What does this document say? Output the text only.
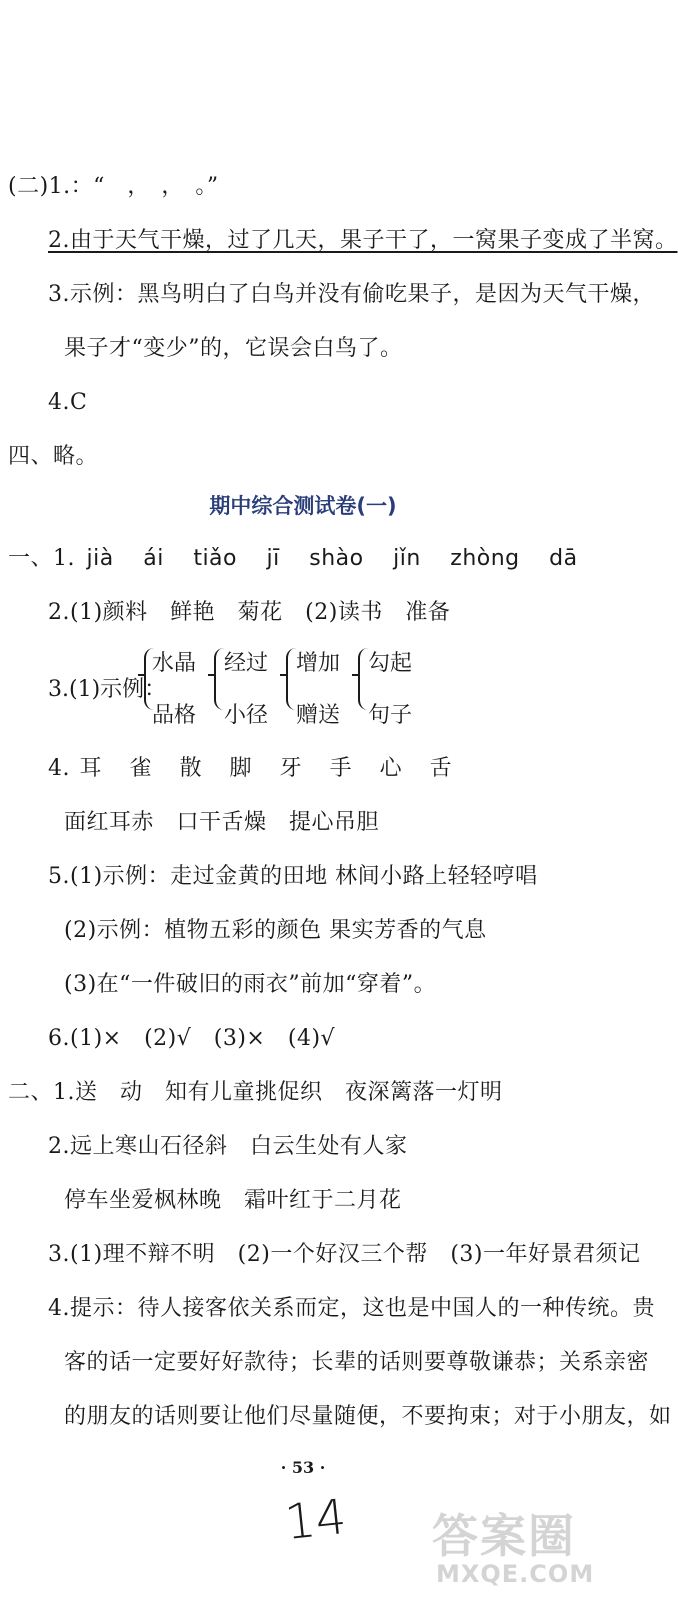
(二)1.：“　，　，　。”
2.由于天气干燥，过了几天，果子干了，一窝果子变成了半窝。
3.示例：黑鸟明白了白鸟并没有偷吃果子，是因为天气干燥，
果子才“变少”的，它误会白鸟了。
4.C
四、略。
期中综合测试卷(一)
一、1. jià ái tiǎo jī shào jǐn zhòng dā
2.(1)颜料　鲜艳　菊花　(2)读书　准备
3.(1)示例：
水晶
品格
经过
小径
增加
赠送
勾起
句子
4. 耳 雀 散 脚 牙 手 心 舌
面红耳赤　口干舌燥　提心吊胆
5.(1)示例：走过金黄的田地 林间小路上轻轻哼唱
(2)示例：植物五彩的颜色 果实芳香的气息
(3)在“一件破旧的雨衣”前加“穿着”。
6.(1)×　(2)√　(3)×　(4)√
二、1.送　动　知有儿童挑促织　夜深篱落一灯明
2.远上寒山石径斜　白云生处有人家
停车坐爱枫林晚　霜叶红于二月花
3.(1)理不辩不明　(2)一个好汉三个帮　(3)一年好景君须记
4.提示：待人接客依关系而定，这也是中国人的一种传统。贵
客的话一定要好好款待；长辈的话则要尊敬谦恭；关系亲密
的朋友的话则要让他们尽量随便，不要拘束；对于小朋友，如
· 53 ·
14 答案圈
MXQE.COM
